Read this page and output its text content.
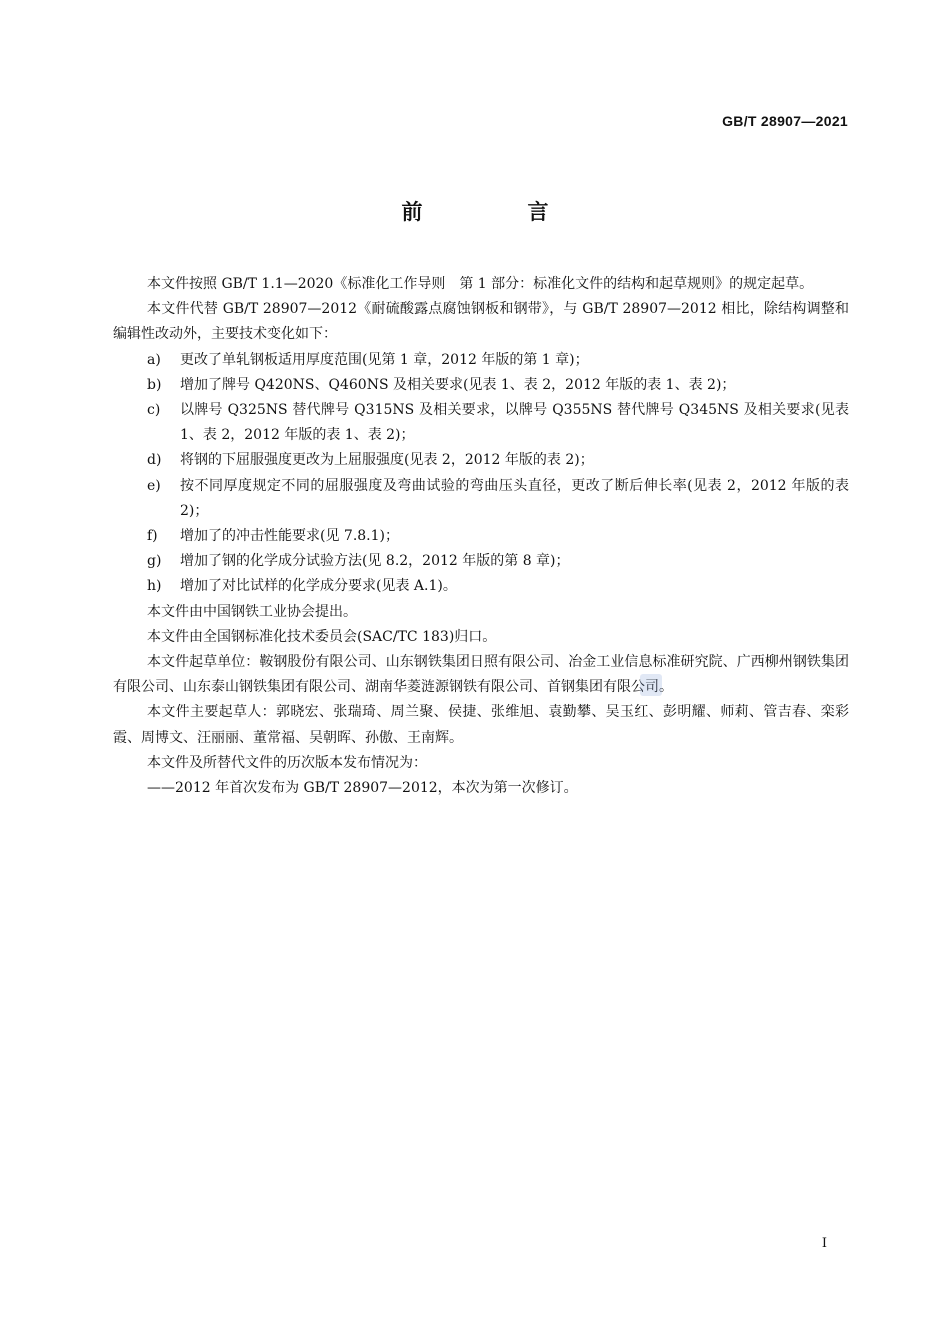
GB/T 28907—2021
前　言

本文件按照 GB/T 1.1—2020《标准化工作导则　第 1 部分：标准化文件的结构和起草规则》的规定起草。

本文件代替 GB/T 28907—2012《耐硫酸露点腐蚀钢板和钢带》，与 GB/T 28907—2012 相比，除结构调整和编辑性改动外，主要技术变化如下：

a) 更改了单轧钢板适用厚度范围(见第 1 章，2012 年版的第 1 章)；

b) 增加了牌号 Q420NS、Q460NS 及相关要求(见表 1、表 2，2012 年版的表 1、表 2)；

c) 以牌号 Q325NS 替代牌号 Q315NS 及相关要求，以牌号 Q355NS 替代牌号 Q345NS 及相关要求(见表 1、表 2，2012 年版的表 1、表 2)；

d) 将钢的下屈服强度更改为上屈服强度(见表 2，2012 年版的表 2)；

e) 按不同厚度规定不同的屈服强度及弯曲试验的弯曲压头直径，更改了断后伸长率(见表 2，2012 年版的表 2)；

f) 增加了的冲击性能要求(见 7.8.1)；

g) 增加了钢的化学成分试验方法(见 8.2，2012 年版的第 8 章)；

h) 增加了对比试样的化学成分要求(见表 A.1)。

本文件由中国钢铁工业协会提出。

本文件由全国钢标准化技术委员会(SAC/TC 183)归口。

本文件起草单位：鞍钢股份有限公司、山东钢铁集团日照有限公司、冶金工业信息标准研究院、广西柳州钢铁集团有限公司、山东泰山钢铁集团有限公司、湖南华菱涟源钢铁有限公司、首钢集团有限公司。

本文件主要起草人：郭晓宏、张瑞琦、周兰聚、侯捷、张维旭、袁勤攀、吴玉红、彭明耀、师莉、管吉春、栾彩霞、周博文、汪丽丽、董常福、吴朝晖、孙傲、王南辉。

本文件及所替代文件的历次版本发布情况为：

——2012 年首次发布为 GB/T 28907—2012，本次为第一次修订。

I
